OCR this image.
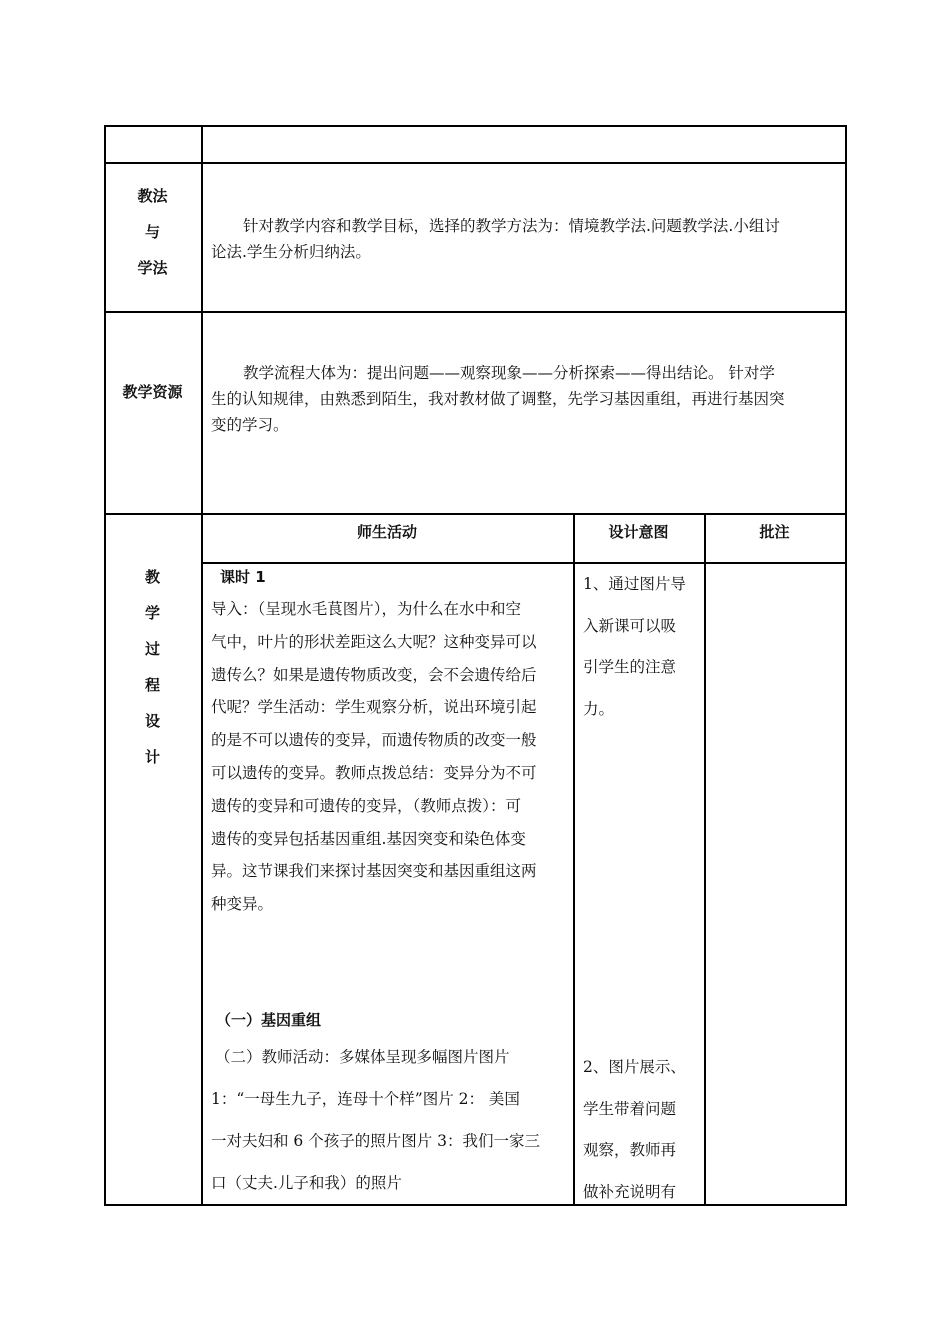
教法
与
学法
针对教学内容和教学目标，选择的教学方法为：情境教学法.问题教学法.小组讨
论法.学生分析归纳法。
教学资源
教学流程大体为：提出问题——观察现象——分析探索——得出结论。 针对学
生的认知规律，由熟悉到陌生，我对教材做了调整，先学习基因重组，再进行基因突
变的学习。
教
学
过
程
设
计
师生活动	设计意图	批注
课时 1
导入：（呈现水毛茛图片），为什么在水中和空
气中，叶片的形状差距这么大呢？这种变异可以
遗传么？如果是遗传物质改变，会不会遗传给后
代呢？学生活动：学生观察分析，说出环境引起
的是不可以遗传的变异，而遗传物质的改变一般
可以遗传的变异。教师点拨总结：变异分为不可
遗传的变异和可遗传的变异，（教师点拨）：可
遗传的变异包括基因重组.基因突变和染色体变
异。这节课我们来探讨基因突变和基因重组这两
种变异。
（一）基因重组
（二）教师活动：多媒体呈现多幅图片图片
1：“一母生九子，连母十个样”图片 2： 美国
一对夫妇和 6 个孩子的照片图片 3：我们一家三
口（丈夫.儿子和我）的照片
1、通过图片导
入新课可以吸
引学生的注意
力。
2、图片展示、
学生带着问题
观察，教师再
做补充说明有
